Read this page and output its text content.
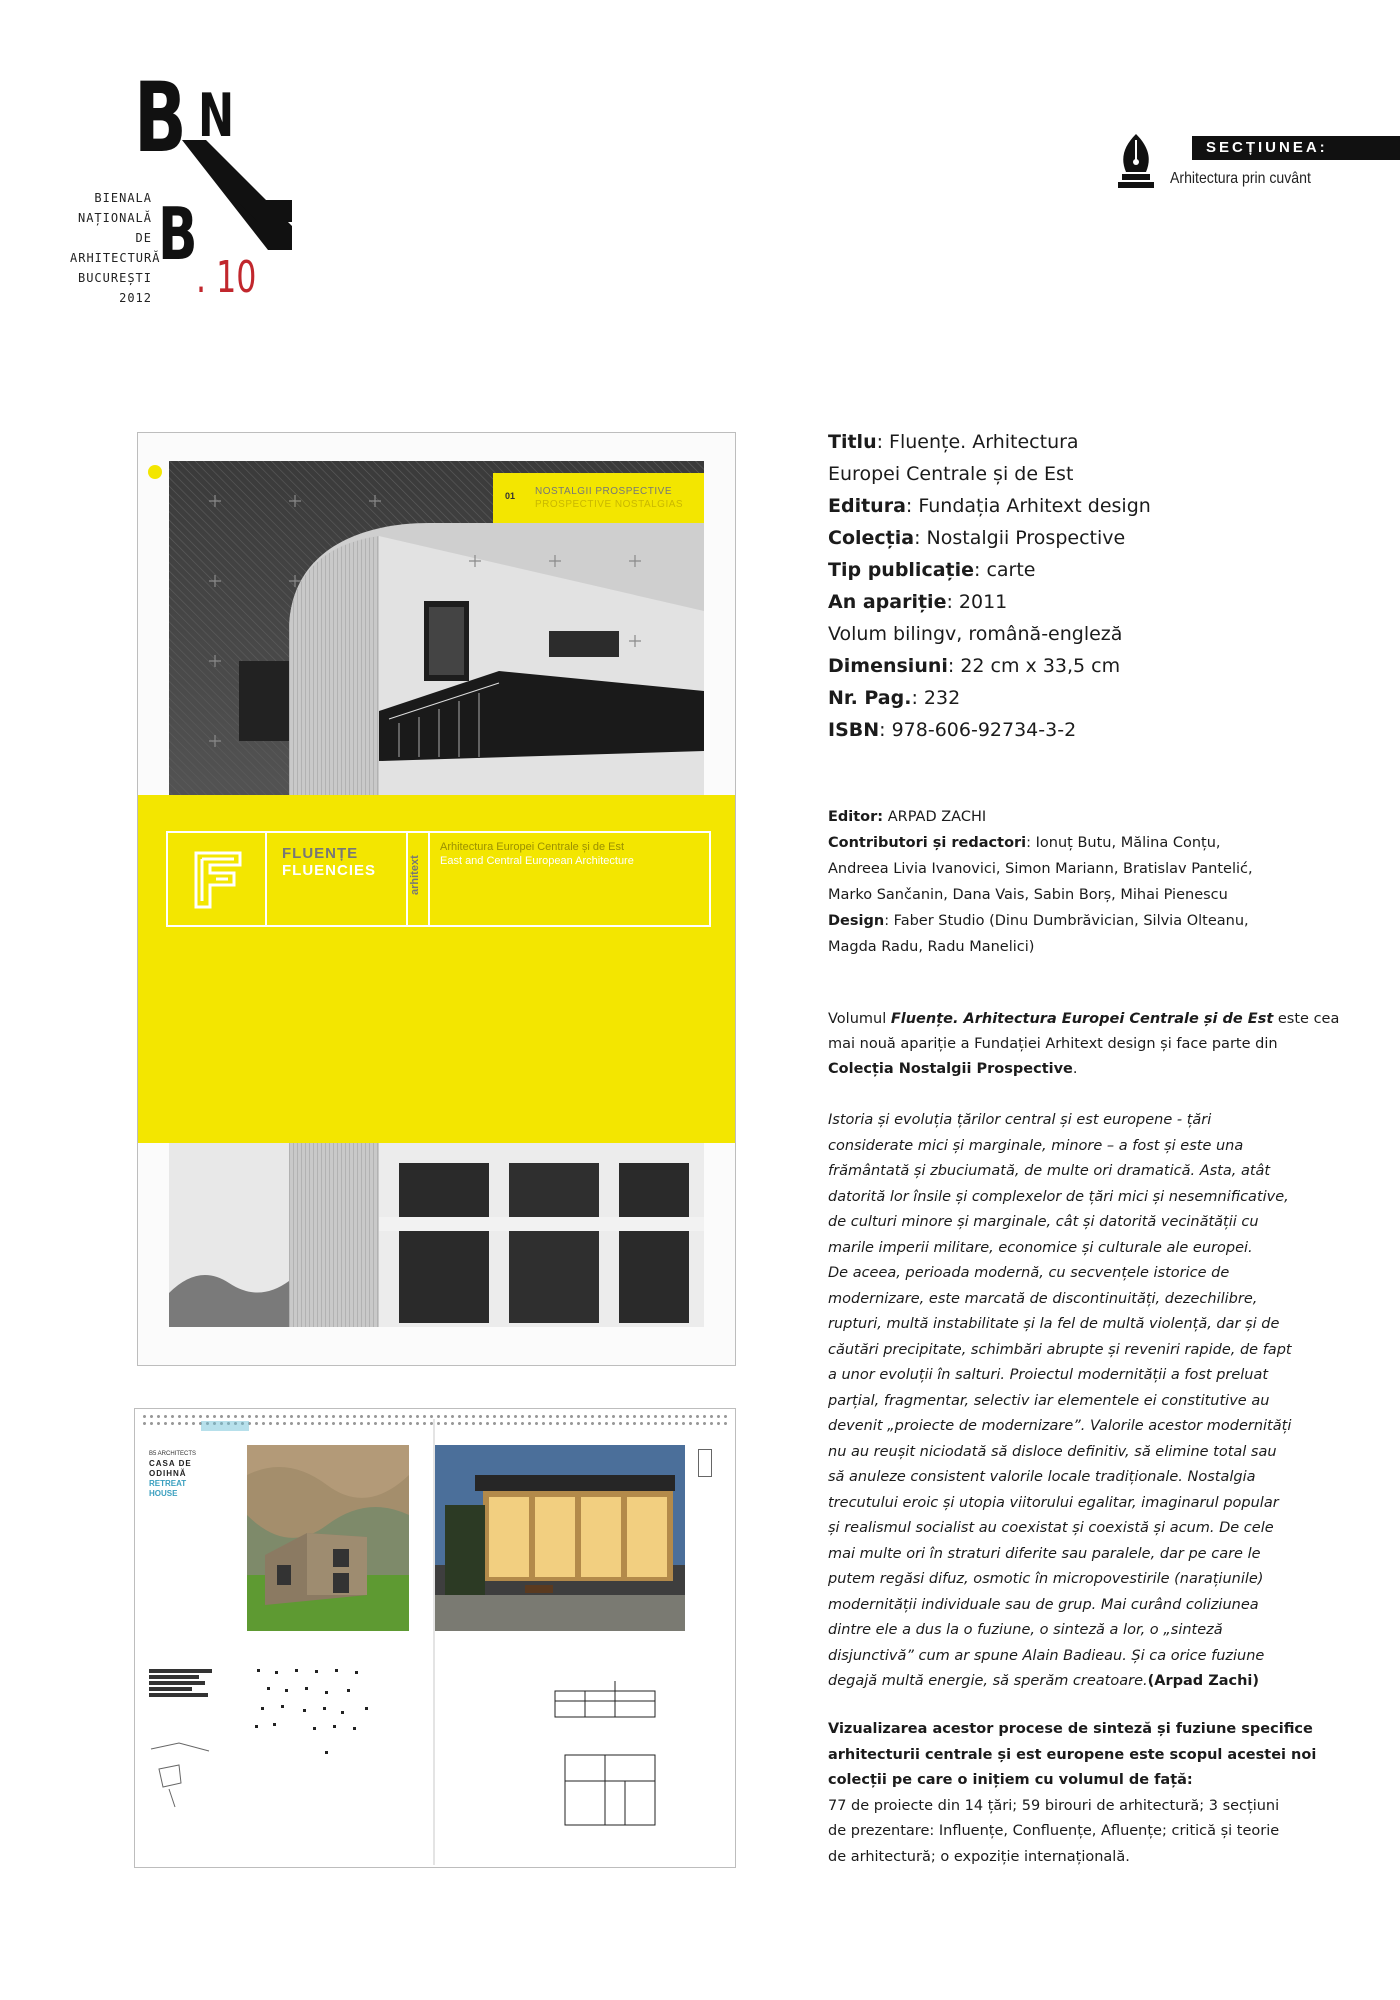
B N
B
. 10
BIENALA
NAȚIONALĂ
DE
ARHITECTURĂ
BUCUREȘTI
2012
SECȚIUNEA:
Arhitectura prin cuvânt
01 NOSTALGII PROSPECTIVE
PROSPECTIVE NOSTALGIAS
FLUENȚE
FLUENCIES	arhitext
Arhitectura Europei Centrale și de Est
East and Central European Architecture
B5 ARCHITECTS
CASA DE
ODIHNĂ
RETREAT
HOUSE

Titlu: Fluențe. Arhitectura

Europei Centrale și de Est

Editura: Fundația Arhitext design

Colecția: Nostalgii Prospective

Tip publicație: carte

An apariție: 2011

Volum bilingv, română-engleză

Dimensiuni: 22 cm x 33,5 cm

Nr. Pag.: 232

ISBN: 978-606-92734-3-2

Editor: ARPAD ZACHI

Contributori și redactori: Ionuț Butu, Mălina Conțu,

Andreea Livia Ivanovici, Simon Mariann, Bratislav Pantelić,

Marko Sančanin, Dana Vais, Sabin Borș, Mihai Pienescu

Design: Faber Studio (Dinu Dumbrăvician, Silvia Olteanu,

Magda Radu, Radu Manelici)

Volumul Fluențe. Arhitectura Europei Centrale și de Est este cea

mai nouă apariție a Fundației Arhitext design și face parte din

Colecția Nostalgii Prospective.

Istoria și evoluția țărilor central și est europene - țări

considerate mici și marginale, minore – a fost și este una

frământată și zbuciumată, de multe ori dramatică. Asta, atât

datorită lor însile și complexelor de țări mici și nesemnificative,

de culturi minore și marginale, cât și datorită vecinătății cu

marile imperii militare, economice și culturale ale europei.

De aceea, perioada modernă, cu secvențele istorice de

modernizare, este marcată de discontinuități, dezechilibre,

rupturi, multă instabilitate și la fel de multă violență, dar și de

căutări precipitate, schimbări abrupte și reveniri rapide, de fapt

a unor evoluții în salturi. Proiectul modernității a fost preluat

parțial, fragmentar, selectiv iar elementele ei constitutive au

devenit „proiecte de modernizare”. Valorile acestor modernități

nu au reușit niciodată să disloce definitiv, să elimine total sau

să anuleze consistent valorile locale tradiționale. Nostalgia

trecutului eroic și utopia viitorului egalitar, imaginarul popular

și realismul socialist au coexistat și coexistă și acum. De cele

mai multe ori în straturi diferite sau paralele, dar pe care le

putem regăsi difuz, osmotic în micropovestirile (narațiunile)

modernității individuale sau de grup. Mai curând coliziunea

dintre ele a dus la o fuziune, o sinteză a lor, o „sinteză

disjunctivă” cum ar spune Alain Badieau. Și ca orice fuziune

degajă multă energie, să sperăm creatoare.(Arpad Zachi)

Vizualizarea acestor procese de sinteză și fuziune specifice

arhitecturii centrale și est europene este scopul acestei noi

colecții pe care o inițiem cu volumul de față:

77 de proiecte din 14 țări; 59 birouri de arhitectură; 3 secțiuni

de prezentare: Influențe, Confluențe, Afluențe; critică și teorie

de arhitectură; o expoziție internațională.
